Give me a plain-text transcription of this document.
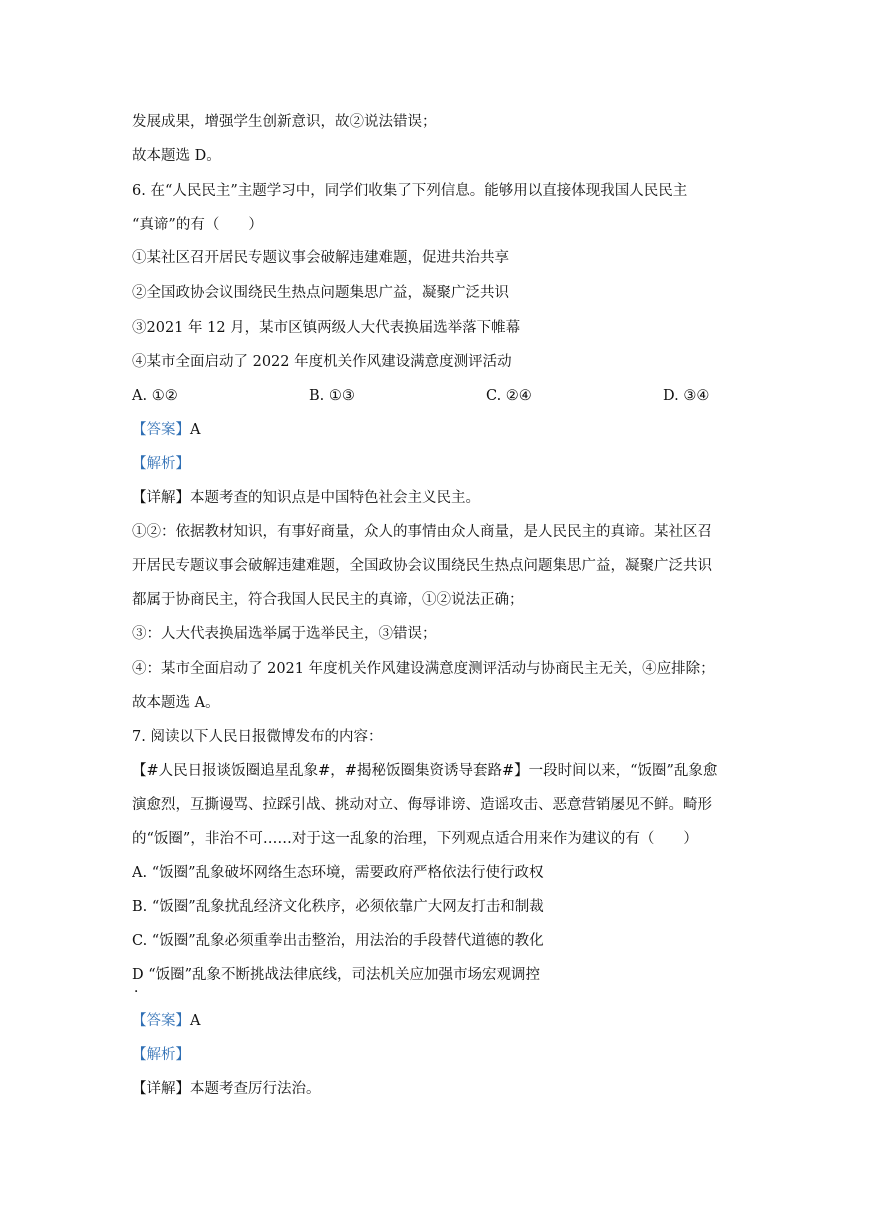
发展成果，增强学生创新意识，故②说法错误；
故本题选 D。
6. 在“人民民主”主题学习中，同学们收集了下列信息。能够用以直接体现我国人民民主
“真谛”的有（　　）
①某社区召开居民专题议事会破解违建难题，促进共治共享
②全国政协会议围绕民生热点问题集思广益，凝聚广泛共识
③2021 年 12 月，某市区镇两级人大代表换届选举落下帷幕
④某市全面启动了 2022 年度机关作风建设满意度测评活动
A. ①②	B. ①③	C. ②④	D. ③④
【答案】A
【解析】
【详解】本题考查的知识点是中国特色社会主义民主。
①②：依据教材知识，有事好商量，众人的事情由众人商量，是人民民主的真谛。某社区召
开居民专题议事会破解违建难题，全国政协会议围绕民生热点问题集思广益，凝聚广泛共识
都属于协商民主，符合我国人民民主的真谛，①②说法正确；
③：人大代表换届选举属于选举民主，③错误；
④：某市全面启动了 2021 年度机关作风建设满意度测评活动与协商民主无关，④应排除；
故本题选 A。
7. 阅读以下人民日报微博发布的内容：
【#人民日报谈饭圈追星乱象#，#揭秘饭圈集资诱导套路#】一段时间以来，“饭圈”乱象愈
演愈烈，互撕谩骂、拉踩引战、挑动对立、侮辱诽谤、造谣攻击、恶意营销屡见不鲜。畸形
的“饭圈”，非治不可……对于这一乱象的治理，下列观点适合用来作为建议的有（　　）
A. “饭圈”乱象破坏网络生态环境，需要政府严格依法行使行政权
B. “饭圈”乱象扰乱经济文化秩序，必须依靠广大网友打击和制裁
C. “饭圈”乱象必须重拳出击整治，用法治的手段替代道德的教化
D “饭圈”乱象不断挑战法律底线，司法机关应加强市场宏观调控
．
【答案】A
【解析】
【详解】本题考查厉行法治。
